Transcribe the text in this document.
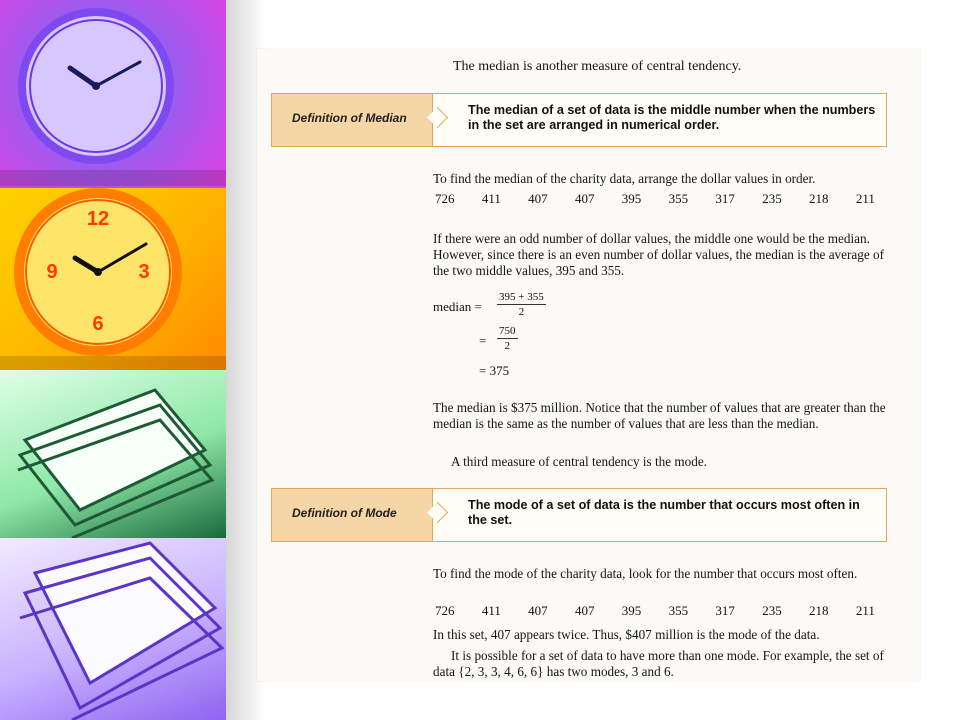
12
3
6
9
The median is another measure of central tendency.
Definition of Median
The median of a set of data is the middle number when the numbers in the set are arranged in numerical order.
To find the median of the charity data, arrange the dollar values in order.
726 411 407 407 395 355 317 235 218 211
If there were an odd number of dollar values, the middle one would be the median. However, since there is an even number of dollar values, the median is the average of the two middle values, 395 and 355.
median = $\frac{395 + 355}{2}$
= $\frac{750}{2}$
= 375
The median is $375 million. Notice that the number of values that are greater than the median is the same as the number of values that are less than the median.
A third measure of central tendency is the mode.
Definition of Mode
The mode of a set of data is the number that occurs most often in the set.
To find the mode of the charity data, look for the number that occurs most often.
726 411 407 407 395 355 317 235 218 211
In this set, 407 appears twice. Thus, $407 million is the mode of the data.
It is possible for a set of data to have more than one mode. For example, the set of data {2, 3, 3, 4, 6, 6} has two modes, 3 and 6.
